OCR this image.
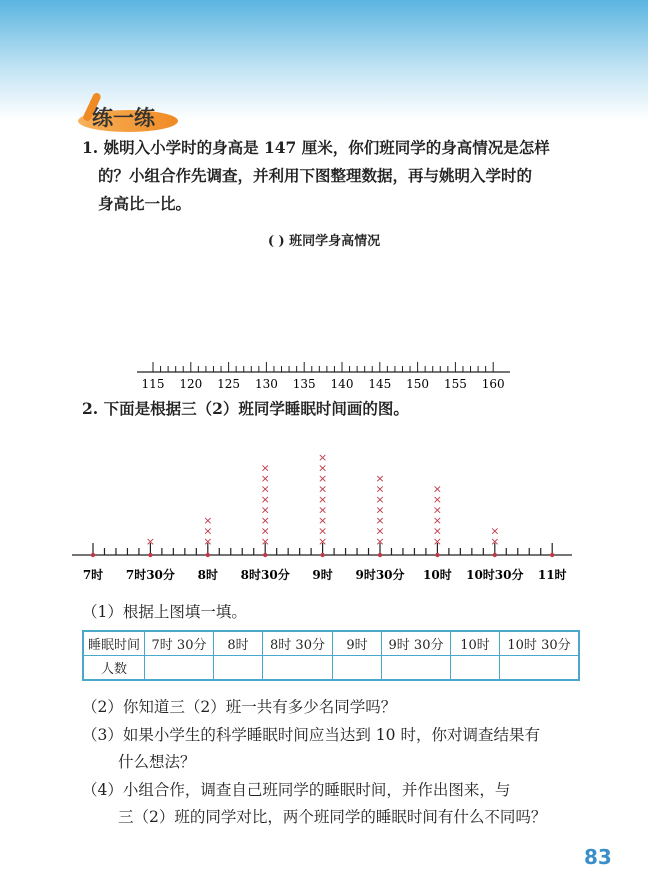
练一练
1. 姚明入小学时的身高是 147 厘米，你们班同学的身高情况是怎样
的？小组合作先调查，并利用下图整理数据，再与姚明入学时的
身高比一比。
( ) 班同学身高情况
115 120 125 130 135 140 145 150 155 160
7时 7时30分 8时 8时30分 9时 9时30分 10时 10时30分 11时
×	×
×
×
×
×
×
×
×
×
×
×
×
×
×
×
×
×
×
×
×
×
×
×
×
×
×
×
×
×
×
×
×
×
×
×
2. 下面是根据三（2）班同学睡眠时间画的图。
（1）根据上图填一填。
睡眠时间	7时 30分	8时	8时 30分	9时	9时 30分	10时	10时 30分
人数							
（2）你知道三（2）班一共有多少名同学吗？
（3）如果小学生的科学睡眠时间应当达到 10 时，你对调查结果有
什么想法？
（4）小组合作，调查自己班同学的睡眠时间，并作出图来，与
三（2）班的同学对比，两个班同学的睡眠时间有什么不同吗？
83
